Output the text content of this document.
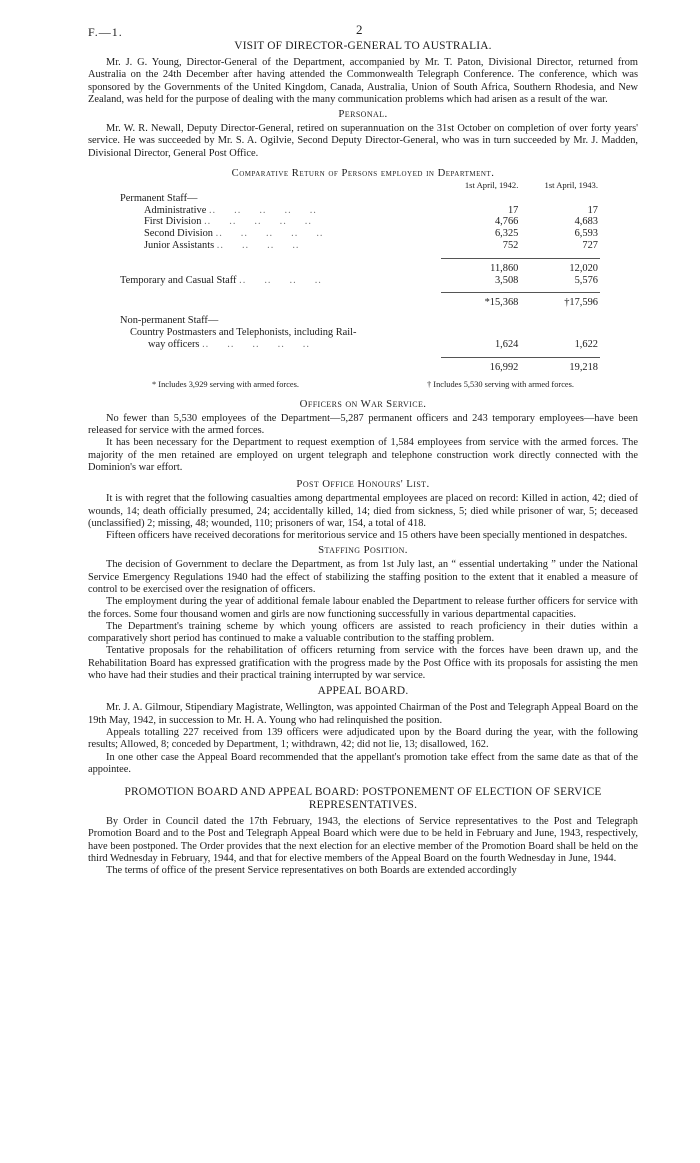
F.—1.	2
VISIT OF DIRECTOR-GENERAL TO AUSTRALIA.

Mr. J. G. Young, Director-General of the Department, accompanied by Mr. T. Paton, Divisional Director, returned from Australia on the 24th December after having attended the Commonwealth Telegraph Conference. The conference, which was sponsored by the Governments of the United Kingdom, Canada, Australia, Union of South Africa, Southern Rhodesia, and New Zealand, was held for the purpose of dealing with the many communication problems which had arisen as a result of the war.

Personal.

Mr. W. R. Newall, Deputy Director-General, retired on superannuation on the 31st October on completion of over forty years' service. He was succeeded by Mr. S. A. Ogilvie, Second Deputy Director-General, who was in turn succeeded by Mr. J. Madden, Divisional Director, General Post Office.

Comparative Return of Persons employed in Department.
	1st April, 1942.	1st April, 1943.
Permanent Staff—		
Administrative ..     ..     ..     ..     ..	17	17
First Division ..     ..     ..     ..     ..	4,766	4,683
Second Division ..     ..     ..     ..     ..	6,325	6,593
Junior Assistants ..     ..     ..     ..	752	727

	11,860	12,020
Temporary and Casual Staff ..     ..     ..     ..	3,508	5,576

	*15,368	†17,596

Non-permanent Staff—		
Country Postmasters and Telephonists, including Rail-		
way officers ..     ..     ..     ..     ..	1,624	1,622

	16,992	19,218
* Includes 3,929 serving with armed forces.	† Includes 5,530 serving with armed forces.
Officers on War Service.

No fewer than 5,530 employees of the Department—5,287 permanent officers and 243 temporary employees—have been released for service with the armed forces.

It has been necessary for the Department to request exemption of 1,584 employees from service with the armed forces. The majority of the men retained are employed on urgent telegraph and telephone construction work directly connected with the Dominion's war effort.

Post Office Honours' List.

It is with regret that the following casualties among departmental employees are placed on record: Killed in action, 42; died of wounds, 14; death officially presumed, 24; accidentally killed, 14; died from sickness, 5; died while prisoner of war, 5; deceased (unclassified) 2; missing, 48; wounded, 110; prisoners of war, 154, a total of 418.

Fifteen officers have received decorations for meritorious service and 15 others have been specially mentioned in despatches.

Staffing Position.

The decision of Government to declare the Department, as from 1st July last, an “ essential undertaking ” under the National Service Emergency Regulations 1940 had the effect of stabilizing the staffing position to the extent that it enabled a measure of control to be exercised over the resignation of officers.

The employment during the year of additional female labour enabled the Department to release further officers for service with the forces. Some four thousand women and girls are now functioning successfully in various departmental capacities.

The Department's training scheme by which young officers are assisted to reach proficiency in their duties within a comparatively short period has continued to make a valuable contribution to the staffing problem.

Tentative proposals for the rehabilitation of officers returning from service with the forces have been drawn up, and the Rehabilitation Board has expressed gratification with the progress made by the Post Office with its proposals for assisting the men who have had their studies and their practical training interrupted by war service.

APPEAL BOARD.

Mr. J. A. Gilmour, Stipendiary Magistrate, Wellington, was appointed Chairman of the Post and Telegraph Appeal Board on the 19th May, 1942, in succession to Mr. H. A. Young who had relinquished the position.

Appeals totalling 227 received from 139 officers were adjudicated upon by the Board during the year, with the following results; Allowed, 8; conceded by Department, 1; withdrawn, 42; did not lie, 13; disallowed, 162.

In one other case the Appeal Board recommended that the appellant's promotion take effect from the same date as that of the appointee.

PROMOTION BOARD AND APPEAL BOARD: POSTPONEMENT OF ELECTION OF SERVICE REPRESENTATIVES.

By Order in Council dated the 17th February, 1943, the elections of Service representatives to the Post and Telegraph Promotion Board and to the Post and Telegraph Appeal Board which were due to be held in February and June, 1943, respectively, have been postponed. The Order provides that the next election for an elective member of the Promotion Board shall be held on the third Wednesday in February, 1944, and that for elective members of the Appeal Board on the fourth Wednesday in June, 1944.

The terms of office of the present Service representatives on both Boards are extended accordingly
